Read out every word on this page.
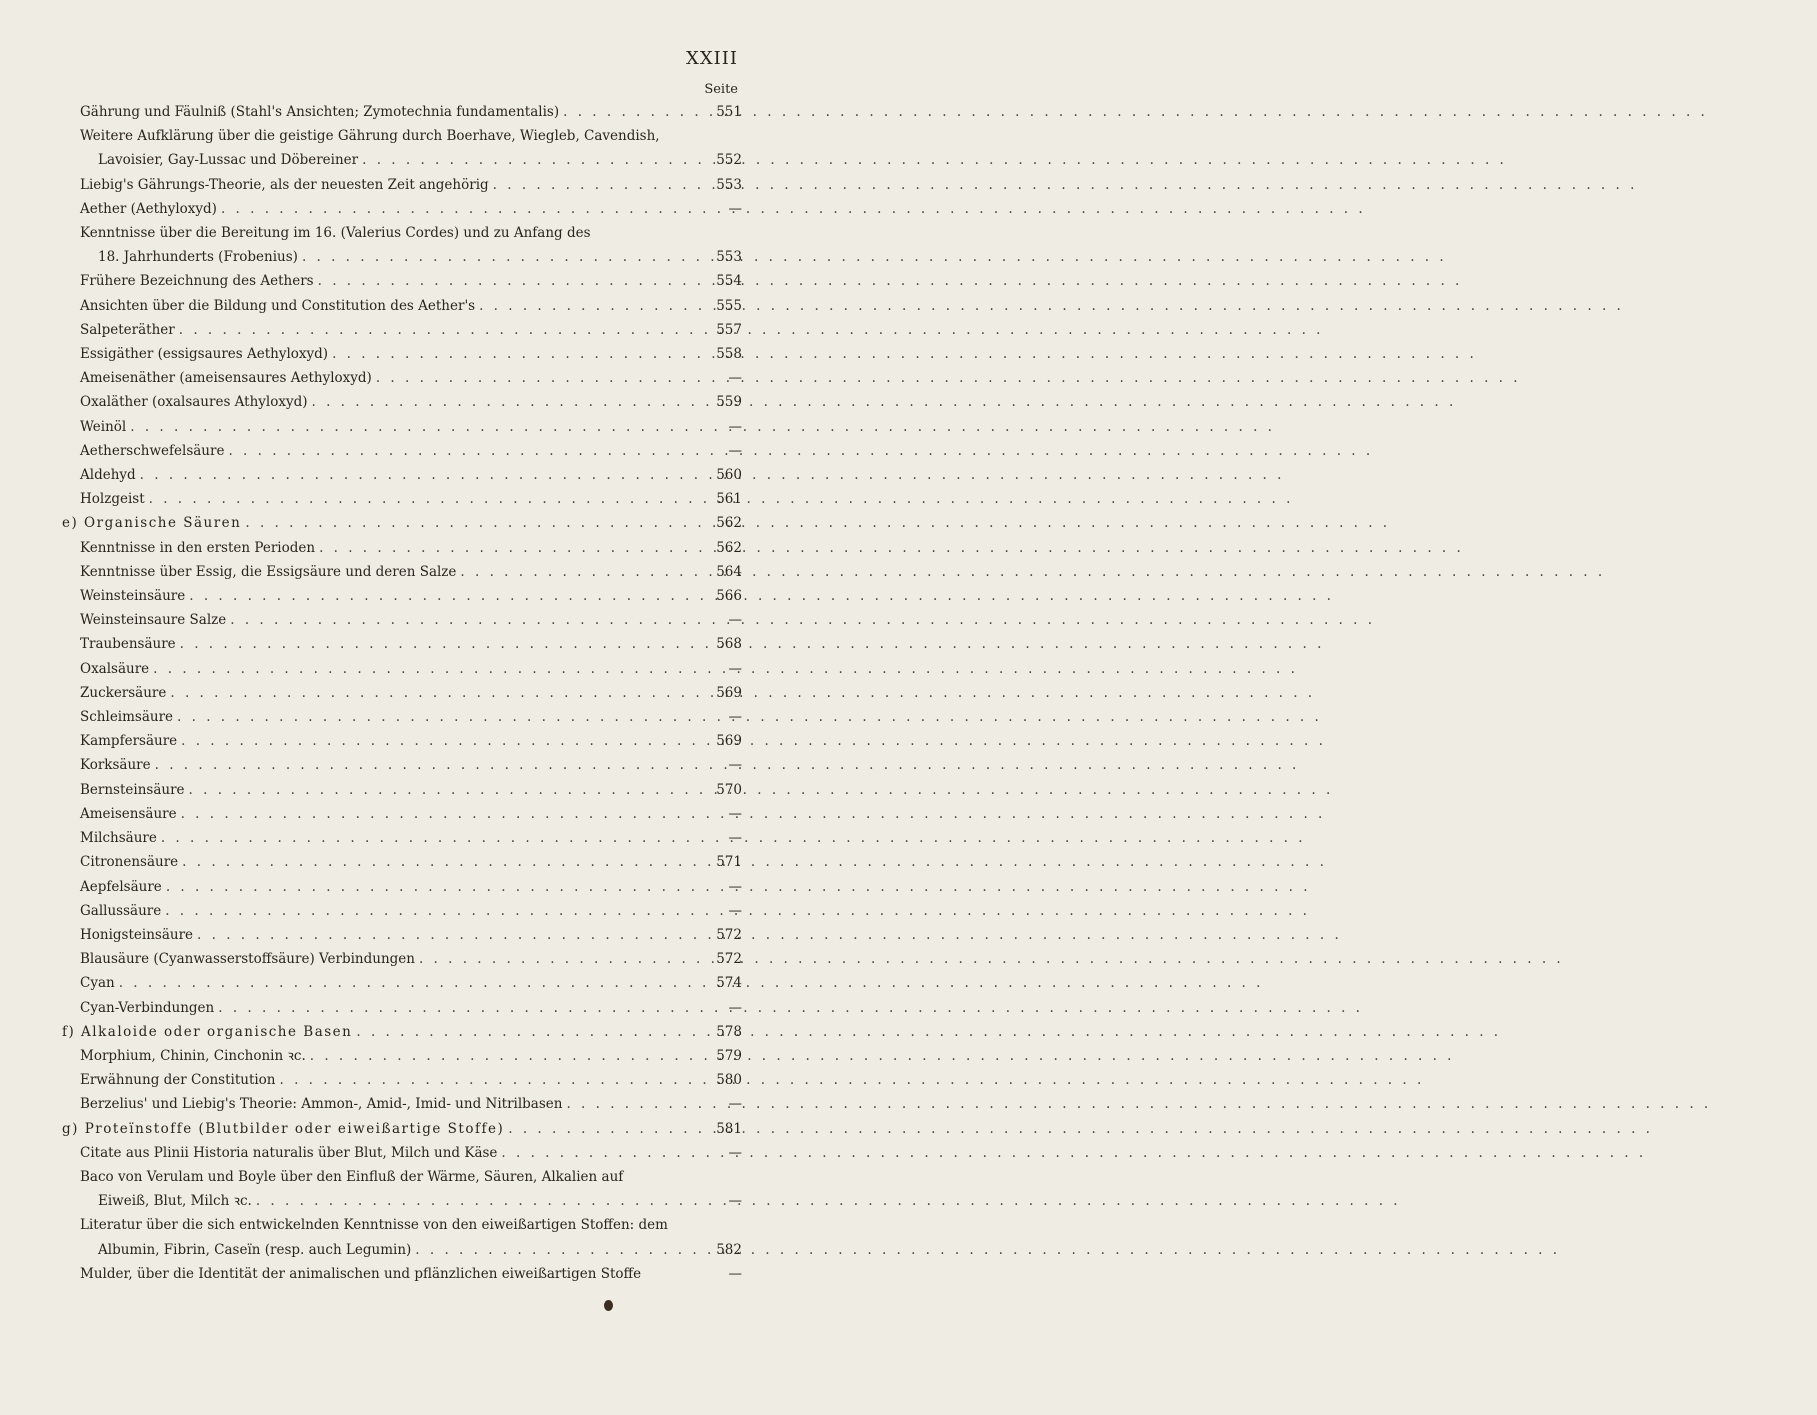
XXIII
Seite
Gährung und Fäulniß (Stahl's Ansichten; Zymotechnia fundamentalis) . . .	551
Weitere Aufklärung über die geistige Gährung durch Boerhave, Wiegleb, Cavendish,
Lavoisier, Gay-Lussac und Döbereiner . . .	552
Liebig's Gährungs-Theorie, als der neuesten Zeit angehörig . . .	553
Aether (Aethyloxyd) . . .	—
Kenntnisse über die Bereitung im 16. (Valerius Cordes) und zu Anfang des
18. Jahrhunderts (Frobenius) . . .	553
Frühere Bezeichnung des Aethers . . .	554
Ansichten über die Bildung und Constitution des Aether's . . .	555
Salpeteräther . . .	557
Essigäther (essigsaures Aethyloxyd) . . .	558
Ameisenäther (ameisensaures Aethyloxyd) . . .	—
Oxaläther (oxalsaures Athyloxyd) . . .	559
Weinöl . . .	—
Aetherschwefelsäure . . .	—
Aldehyd . . .	560
Holzgeist . . .	561
e) Organische Säuren . . .	562
Kenntnisse in den ersten Perioden . . .	562
Kenntnisse über Essig, die Essigsäure und deren Salze . . .	564
Weinsteinsäure . . .	566
Weinsteinsaure Salze . . .	—
Traubensäure . . .	568
Oxalsäure . . .	—
Zuckersäure . . .	569
Schleimsäure . . .	—
Kampfersäure . . .	569
Korksäure . . .	—
Bernsteinsäure . . .	570
Ameisensäure . . .	—
Milchsäure . . .	—
Citronensäure . . .	571
Aepfelsäure . . .	—
Gallussäure . . .	—
Honigsteinsäure . . .	572
Blausäure (Cyanwasserstoffsäure) Verbindungen . . .	572
Cyan . . .	574
Cyan-Verbindungen . . .	—
f) Alkaloide oder organische Basen . . .	578
Morphium, Chinin, Cinchonin ꝛc. . . .	579
Erwähnung der Constitution . . .	580
Berzelius' und Liebig's Theorie: Ammon-, Amid-, Imid- und Nitrilbasen . . .	—
g) Proteïnstoffe (Blutbilder oder eiweißartige Stoffe) . . .	581
Citate aus Plinii Historia naturalis über Blut, Milch und Käse . . .	—
Baco von Verulam und Boyle über den Einfluß der Wärme, Säuren, Alkalien auf
Eiweiß, Blut, Milch ꝛc. . . .	—
Literatur über die sich entwickelnden Kenntnisse von den eiweißartigen Stoffen: dem
Albumin, Fibrin, Caseïn (resp. auch Legumin) . . .	582
Mulder, über die Identität der animalischen und pflänzlichen eiweißartigen Stoffe	—
